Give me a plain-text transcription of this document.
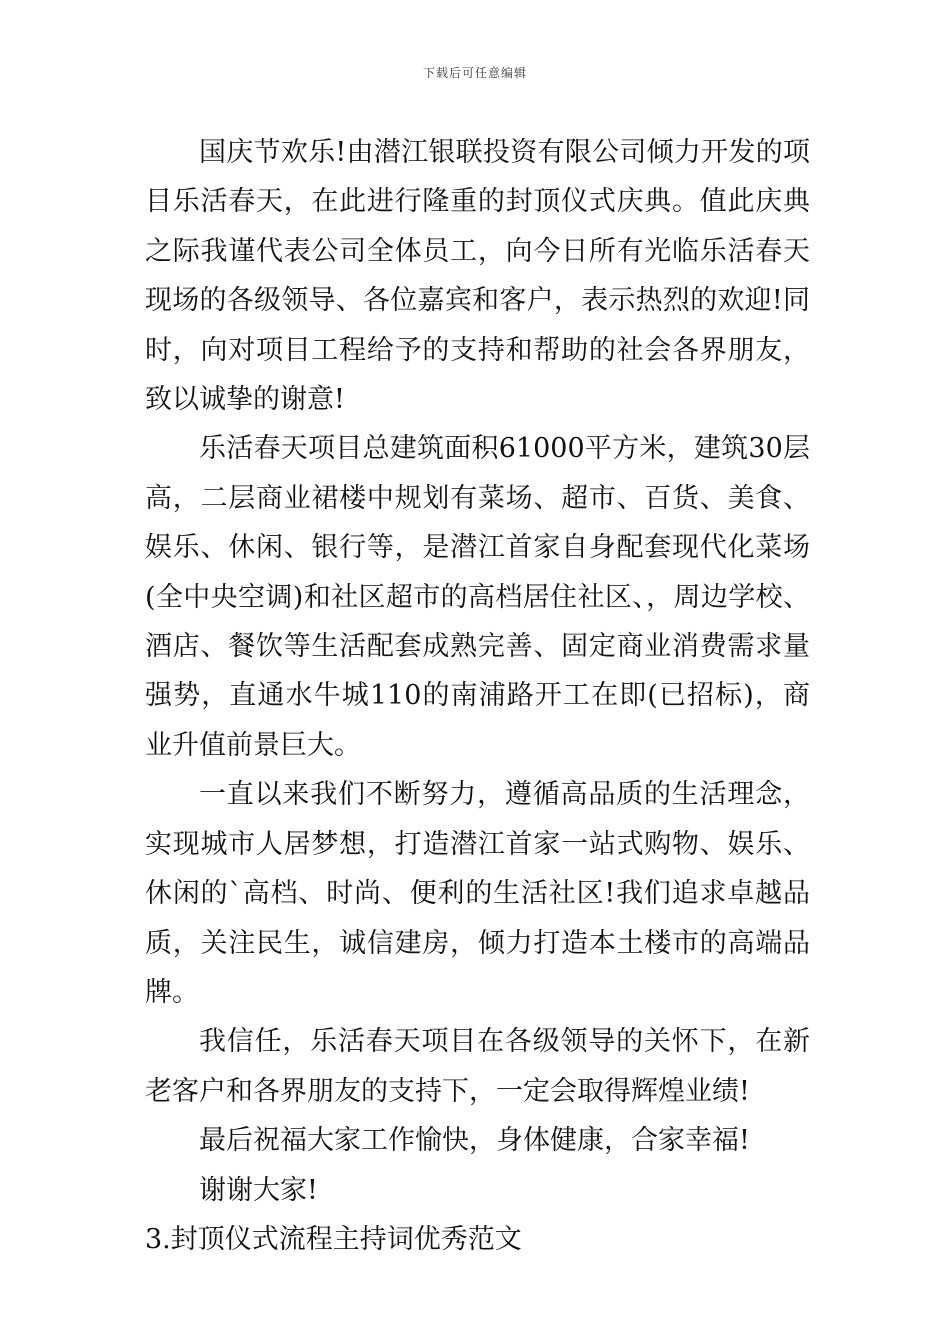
下载后可任意编辑

国庆节欢乐!由潜江银联投资有限公司倾力开发的项目乐活春天，在此进行隆重的封顶仪式庆典。值此庆典之际我谨代表公司全体员工，向今日所有光临乐活春天现场的各级领导、各位嘉宾和客户，表示热烈的欢迎!同时，向对项目工程给予的支持和帮助的社会各界朋友，致以诚挚的谢意!

乐活春天项目总建筑面积61000平方米，建筑30层高，二层商业裙楼中规划有菜场、超市、百货、美食、娱乐、休闲、银行等，是潜江首家自身配套现代化菜场(全中央空调)和社区超市的高档居住社区、，周边学校、酒店、餐饮等生活配套成熟完善、固定商业消费需求量强势，直通水牛城110的南浦路开工在即(已招标)，商业升值前景巨大。

一直以来我们不断努力，遵循高品质的生活理念，实现城市人居梦想，打造潜江首家一站式购物、娱乐、休闲的`高档、时尚、便利的生活社区!我们追求卓越品质，关注民生，诚信建房，倾力打造本土楼市的高端品牌。

我信任，乐活春天项目在各级领导的关怀下，在新老客户和各界朋友的支持下，一定会取得辉煌业绩!

最后祝福大家工作愉快，身体健康，合家幸福!

谢谢大家!

3.封顶仪式流程主持词优秀范文
